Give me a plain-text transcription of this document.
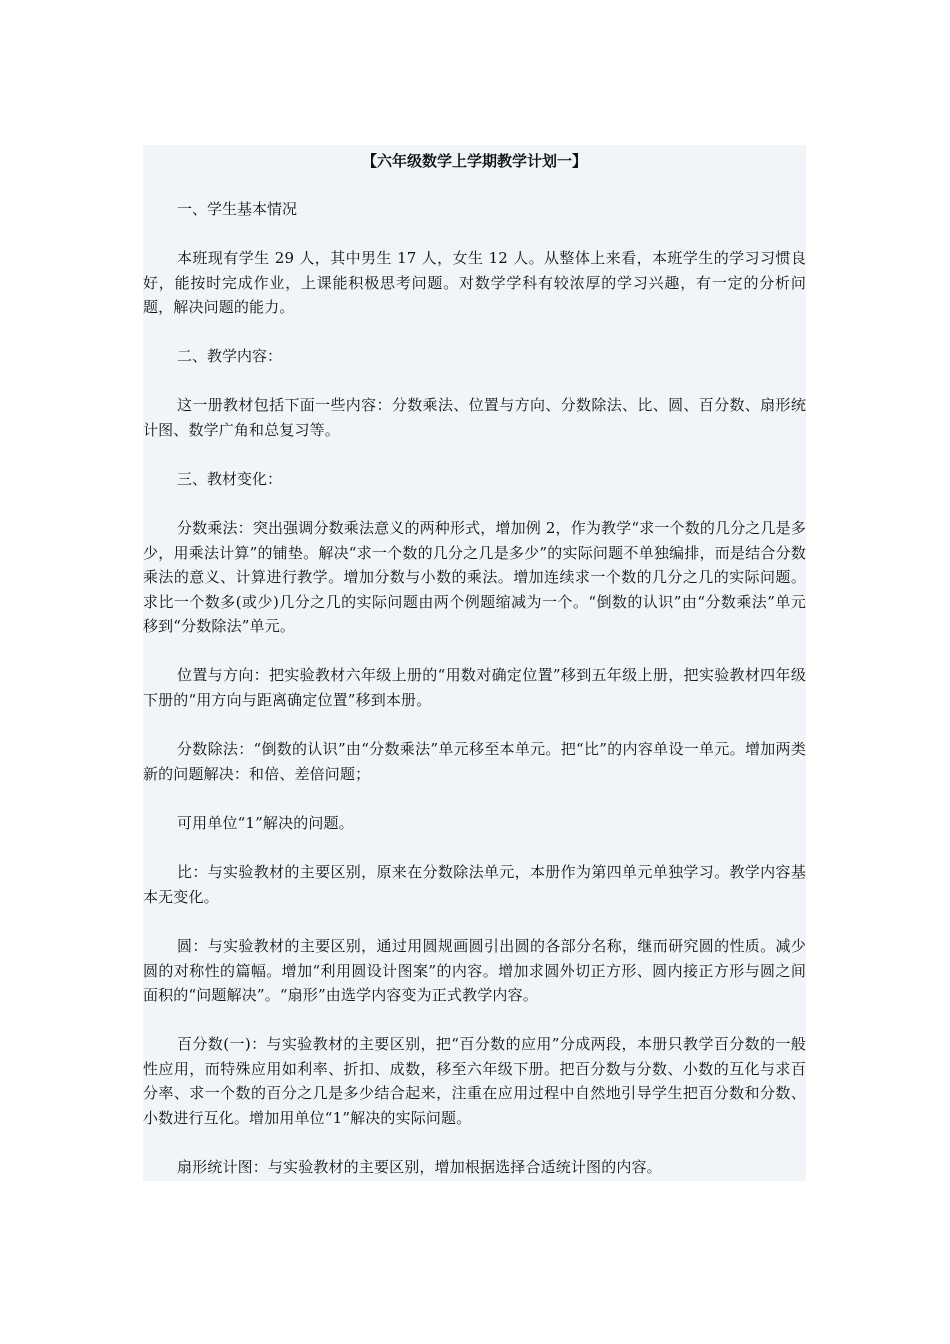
【六年级数学上学期教学计划一】
一、学生基本情况

本班现有学生 29 人，其中男生 17 人，女生 12 人。从整体上来看，本班学生的学习习惯良好，能按时完成作业，上课能积极思考问题。对数学学科有较浓厚的学习兴趣，有一定的分析问题，解决问题的能力。

二、教学内容：

这一册教材包括下面一些内容：分数乘法、位置与方向、分数除法、比、圆、百分数、扇形统计图、数学广角和总复习等。

三、教材变化：

分数乘法：突出强调分数乘法意义的两种形式，增加例 2，作为教学“求一个数的几分之几是多少，用乘法计算”的铺垫。解决“求一个数的几分之几是多少”的实际问题不单独编排，而是结合分数乘法的意义、计算进行教学。增加分数与小数的乘法。增加连续求一个数的几分之几的实际问题。求比一个数多(或少)几分之几的实际问题由两个例题缩减为一个。“倒数的认识”由“分数乘法”单元移到“分数除法”单元。

位置与方向：把实验教材六年级上册的“用数对确定位置”移到五年级上册，把实验教材四年级下册的“用方向与距离确定位置”移到本册。

分数除法：“倒数的认识”由“分数乘法”单元移至本单元。把“比”的内容单设一单元。增加两类新的问题解决：和倍、差倍问题；

可用单位“1”解决的问题。

比：与实验教材的主要区别，原来在分数除法单元，本册作为第四单元单独学习。教学内容基本无变化。

圆：与实验教材的主要区别，通过用圆规画圆引出圆的各部分名称，继而研究圆的性质。减少圆的对称性的篇幅。增加“利用圆设计图案”的内容。增加求圆外切正方形、圆内接正方形与圆之间面积的“问题解决”。“扇形”由选学内容变为正式教学内容。

百分数(一)：与实验教材的主要区别，把“百分数的应用”分成两段，本册只教学百分数的一般性应用，而特殊应用如利率、折扣、成数，移至六年级下册。把百分数与分数、小数的互化与求百分率、求一个数的百分之几是多少结合起来，注重在应用过程中自然地引导学生把百分数和分数、小数进行互化。增加用单位“1”解决的实际问题。

扇形统计图：与实验教材的主要区别，增加根据选择合适统计图的内容。
